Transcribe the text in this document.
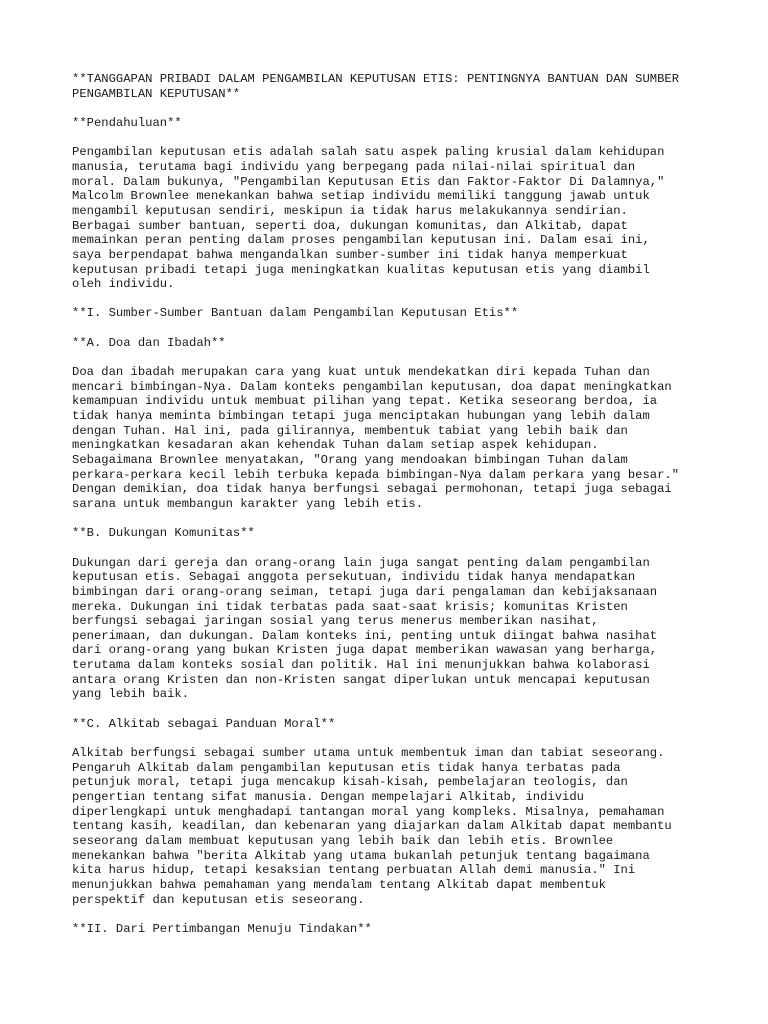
**TANGGAPAN PRIBADI DALAM PENGAMBILAN KEPUTUSAN ETIS: PENTINGNYA BANTUAN DAN SUMBER
PENGAMBILAN KEPUTUSAN**

**Pendahuluan**

Pengambilan keputusan etis adalah salah satu aspek paling krusial dalam kehidupan
manusia, terutama bagi individu yang berpegang pada nilai-nilai spiritual dan
moral. Dalam bukunya, "Pengambilan Keputusan Etis dan Faktor-Faktor Di Dalamnya,"
Malcolm Brownlee menekankan bahwa setiap individu memiliki tanggung jawab untuk
mengambil keputusan sendiri, meskipun ia tidak harus melakukannya sendirian.
Berbagai sumber bantuan, seperti doa, dukungan komunitas, dan Alkitab, dapat
memainkan peran penting dalam proses pengambilan keputusan ini. Dalam esai ini,
saya berpendapat bahwa mengandalkan sumber-sumber ini tidak hanya memperkuat
keputusan pribadi tetapi juga meningkatkan kualitas keputusan etis yang diambil
oleh individu.

**I. Sumber-Sumber Bantuan dalam Pengambilan Keputusan Etis**

**A. Doa dan Ibadah**

Doa dan ibadah merupakan cara yang kuat untuk mendekatkan diri kepada Tuhan dan
mencari bimbingan-Nya. Dalam konteks pengambilan keputusan, doa dapat meningkatkan
kemampuan individu untuk membuat pilihan yang tepat. Ketika seseorang berdoa, ia
tidak hanya meminta bimbingan tetapi juga menciptakan hubungan yang lebih dalam
dengan Tuhan. Hal ini, pada gilirannya, membentuk tabiat yang lebih baik dan
meningkatkan kesadaran akan kehendak Tuhan dalam setiap aspek kehidupan.
Sebagaimana Brownlee menyatakan, "Orang yang mendoakan bimbingan Tuhan dalam
perkara-perkara kecil lebih terbuka kepada bimbingan-Nya dalam perkara yang besar."
Dengan demikian, doa tidak hanya berfungsi sebagai permohonan, tetapi juga sebagai
sarana untuk membangun karakter yang lebih etis.

**B. Dukungan Komunitas**

Dukungan dari gereja dan orang-orang lain juga sangat penting dalam pengambilan
keputusan etis. Sebagai anggota persekutuan, individu tidak hanya mendapatkan
bimbingan dari orang-orang seiman, tetapi juga dari pengalaman dan kebijaksanaan
mereka. Dukungan ini tidak terbatas pada saat-saat krisis; komunitas Kristen
berfungsi sebagai jaringan sosial yang terus menerus memberikan nasihat,
penerimaan, dan dukungan. Dalam konteks ini, penting untuk diingat bahwa nasihat
dari orang-orang yang bukan Kristen juga dapat memberikan wawasan yang berharga,
terutama dalam konteks sosial dan politik. Hal ini menunjukkan bahwa kolaborasi
antara orang Kristen dan non-Kristen sangat diperlukan untuk mencapai keputusan
yang lebih baik.

**C. Alkitab sebagai Panduan Moral**

Alkitab berfungsi sebagai sumber utama untuk membentuk iman dan tabiat seseorang.
Pengaruh Alkitab dalam pengambilan keputusan etis tidak hanya terbatas pada
petunjuk moral, tetapi juga mencakup kisah-kisah, pembelajaran teologis, dan
pengertian tentang sifat manusia. Dengan mempelajari Alkitab, individu
diperlengkapi untuk menghadapi tantangan moral yang kompleks. Misalnya, pemahaman
tentang kasih, keadilan, dan kebenaran yang diajarkan dalam Alkitab dapat membantu
seseorang dalam membuat keputusan yang lebih baik dan lebih etis. Brownlee
menekankan bahwa "berita Alkitab yang utama bukanlah petunjuk tentang bagaimana
kita harus hidup, tetapi kesaksian tentang perbuatan Allah demi manusia." Ini
menunjukkan bahwa pemahaman yang mendalam tentang Alkitab dapat membentuk
perspektif dan keputusan etis seseorang.

**II. Dari Pertimbangan Menuju Tindakan**
